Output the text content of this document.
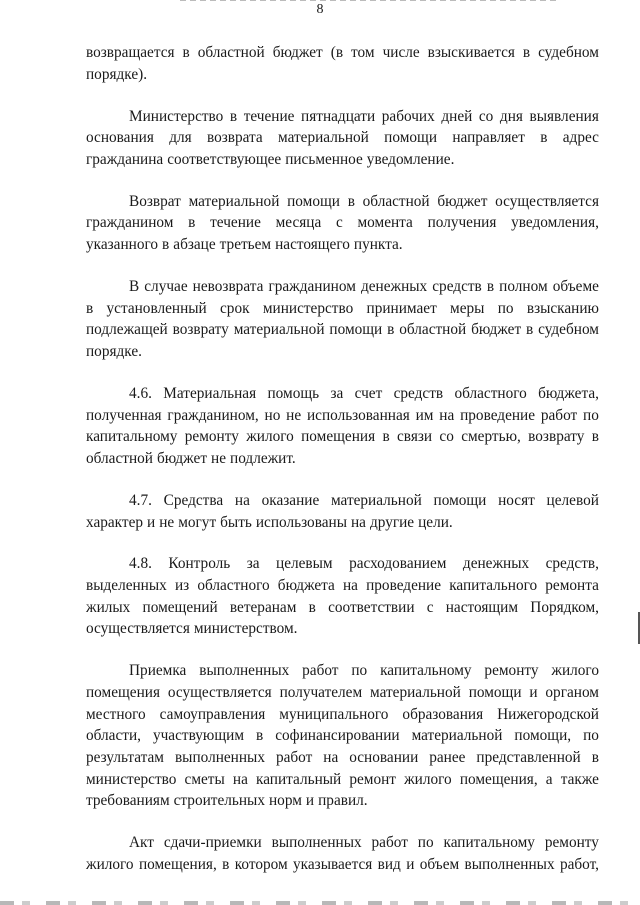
8
возвращается в областной бюджет (в том числе взыскивается в судебном
порядке).
Министерство в течение пятнадцати рабочих дней со дня выявления
основания для возврата материальной помощи направляет в адрес
гражданина соответствующее письменное уведомление.
Возврат материальной помощи в областной бюджет осуществляется
гражданином в течение месяца с момента получения уведомления,
указанного в абзаце третьем настоящего пункта.
В случае невозврата гражданином денежных средств в полном объеме
в установленный срок министерство принимает меры по взысканию
подлежащей возврату материальной помощи в областной бюджет в судебном
порядке.
4.6. Материальная помощь за счет средств областного бюджета,
полученная гражданином, но не использованная им на проведение работ по
капитальному ремонту жилого помещения в связи со смертью, возврату в
областной бюджет не подлежит.
4.7. Средства на оказание материальной помощи носят целевой
характер и не могут быть использованы на другие цели.
4.8. Контроль за целевым расходованием денежных средств,
выделенных из областного бюджета на проведение капитального ремонта
жилых помещений ветеранам в соответствии с настоящим Порядком,
осуществляется министерством.
Приемка выполненных работ по капитальному ремонту жилого
помещения осуществляется получателем материальной помощи и органом
местного самоуправления муниципального образования Нижегородской
области, участвующим в софинансировании материальной помощи, по
результатам выполненных работ на основании ранее представленной в
министерство сметы на капитальный ремонт жилого помещения, а также
требованиям строительных норм и правил.
Акт сдачи-приемки выполненных работ по капитальному ремонту
жилого помещения, в котором указывается вид и объем выполненных работ,
